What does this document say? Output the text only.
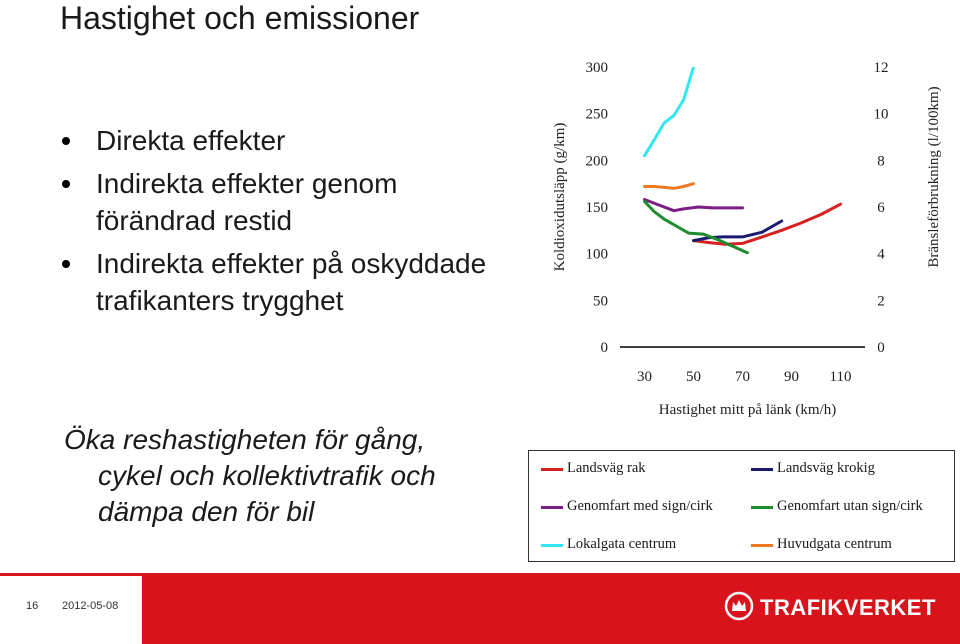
Hastighet och emissioner
Direkta effekter
Indirekta effekter genom förändrad restid
Indirekta effekter på oskyddade trafikanters trygghet
Öka reshastigheten för gång,
cykel och kollektivtrafik och
dämpa den för bil
0
50
100
150
200
250
300
0
2
4
6
8
10
12
30 50 70 90 110
Hastighet mitt på länk (km/h)
Koldioxidutsläpp (g/km)	Bränsleförbrukning (l/100km)
Landsväg rak	Landsväg krokig
Genomfart med sign/cirk	Genomfart utan sign/cirk
Lokalgata centrum	Huvudgata centrum
16 2012-05-08	TRAFIKVERKET
